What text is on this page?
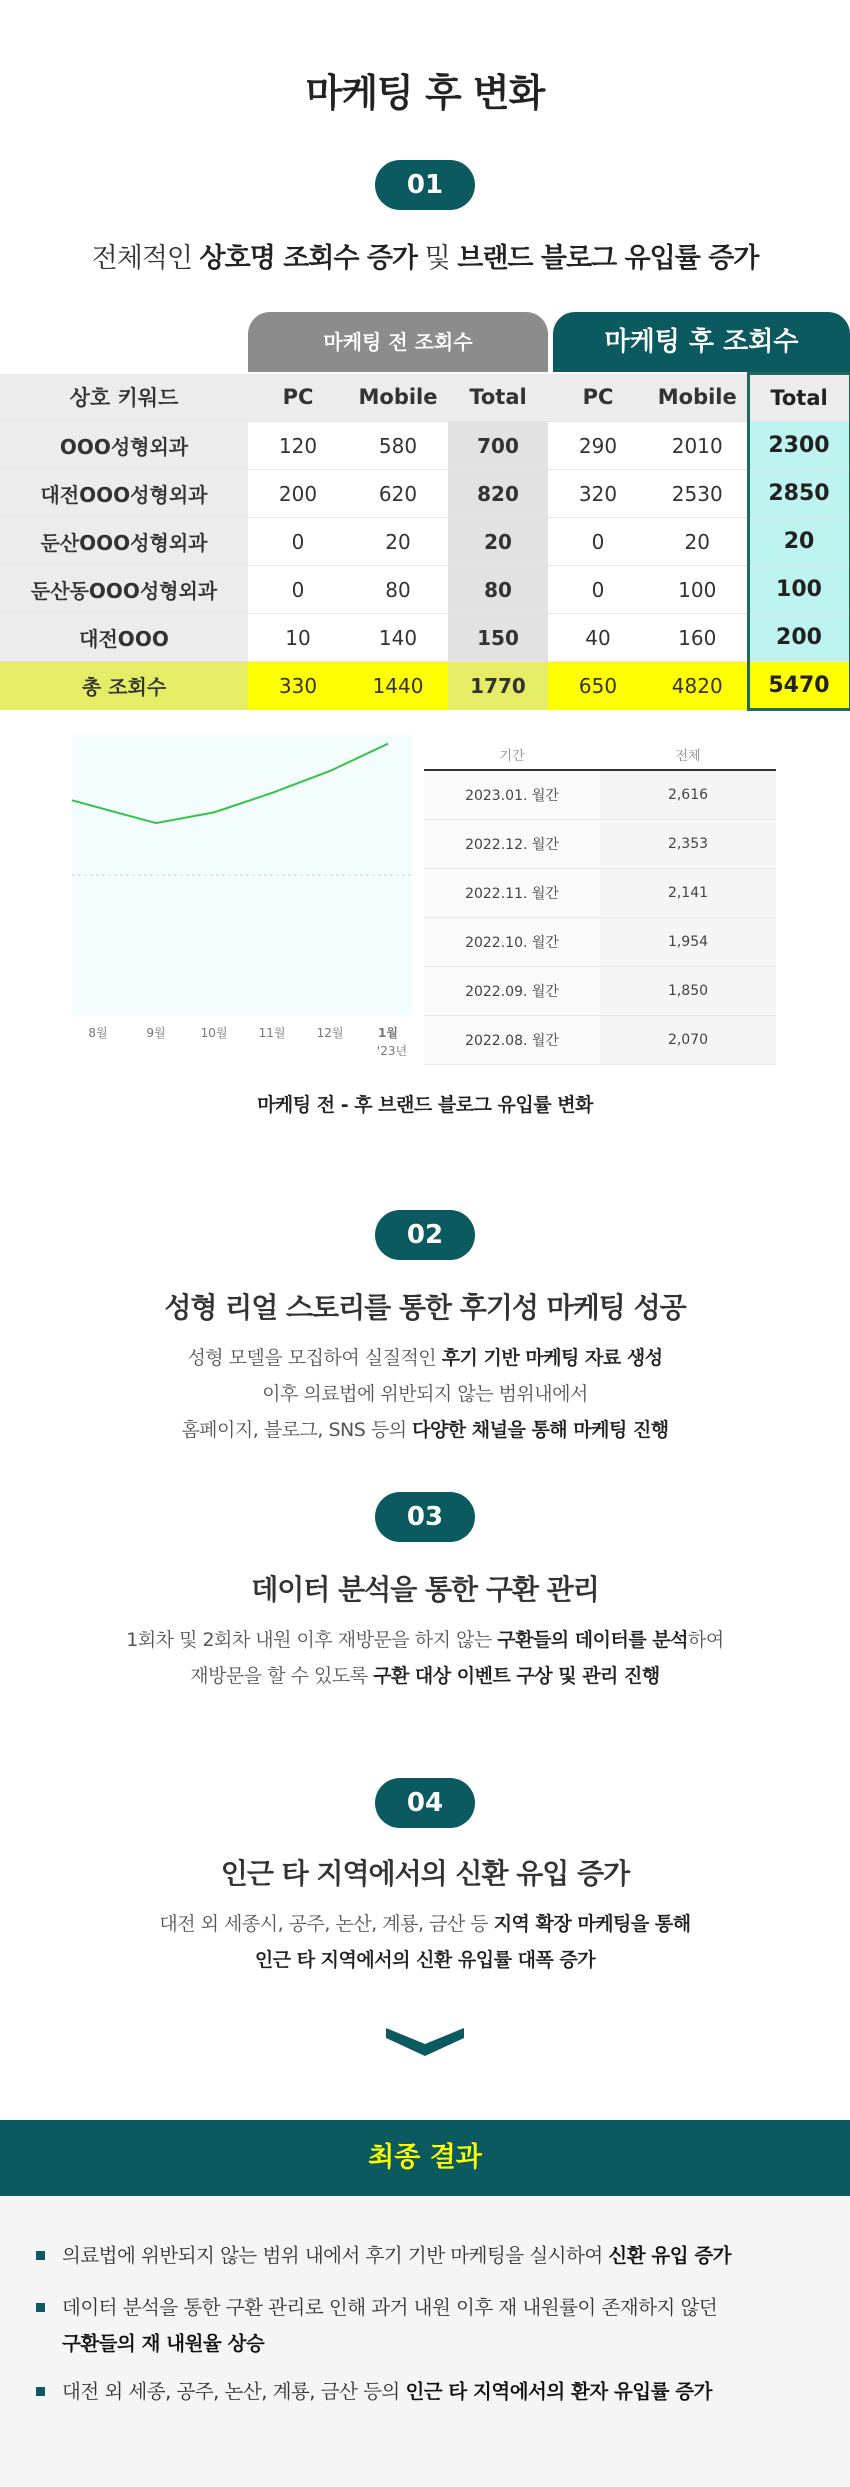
마케팅 후 변화
01
전체적인 상호명 조회수 증가 및 브랜드 블로그 유입률 증가
마케팅 전 조회수	마케팅 후 조회수
상호 키워드	PC	Mobile	Total	PC	Mobile	Total
OOO성형외과	120	580	700	290	2010	2300
대전OOO성형외과	200	620	820	320	2530	2850
둔산OOO성형외과	0	20	20	0	20	20
둔산동OOO성형외과	0	80	80	0	100	100
대전OOO	10	140	150	40	160	200
총 조회수	330	1440	1770	650	4820	5470
8월	9월	10월	11월	12월	1월
'23년
기간	전체
2023.01. 월간	2,616
2022.12. 월간	2,353
2022.11. 월간	2,141
2022.10. 월간	1,954
2022.09. 월간	1,850
2022.08. 월간	2,070
마케팅 전 - 후 브랜드 블로그 유입률 변화
02
성형 리얼 스토리를 통한 후기성 마케팅 성공
성형 모델을 모집하여 실질적인 후기 기반 마케팅 자료 생성
이후 의료법에 위반되지 않는 범위내에서
홈페이지, 블로그, SNS 등의 다양한 채널을 통해 마케팅 진행
03
데이터 분석을 통한 구환 관리
1회차 및 2회차 내원 이후 재방문을 하지 않는 구환들의 데이터를 분석하여
재방문을 할 수 있도록 구환 대상 이벤트 구상 및 관리 진행
04
인근 타 지역에서의 신환 유입 증가
대전 외 세종시, 공주, 논산, 계룡, 금산 등 지역 확장 마케팅을 통해
인근 타 지역에서의 신환 유입률 대폭 증가
최종 결과
의료법에 위반되지 않는 범위 내에서 후기 기반 마케팅을 실시하여 신환 유입 증가
데이터 분석을 통한 구환 관리로 인해 과거 내원 이후 재 내원률이 존재하지 않던
구환들의 재 내원율 상승
대전 외 세종, 공주, 논산, 계룡, 금산 등의 인근 타 지역에서의 환자 유입률 증가
